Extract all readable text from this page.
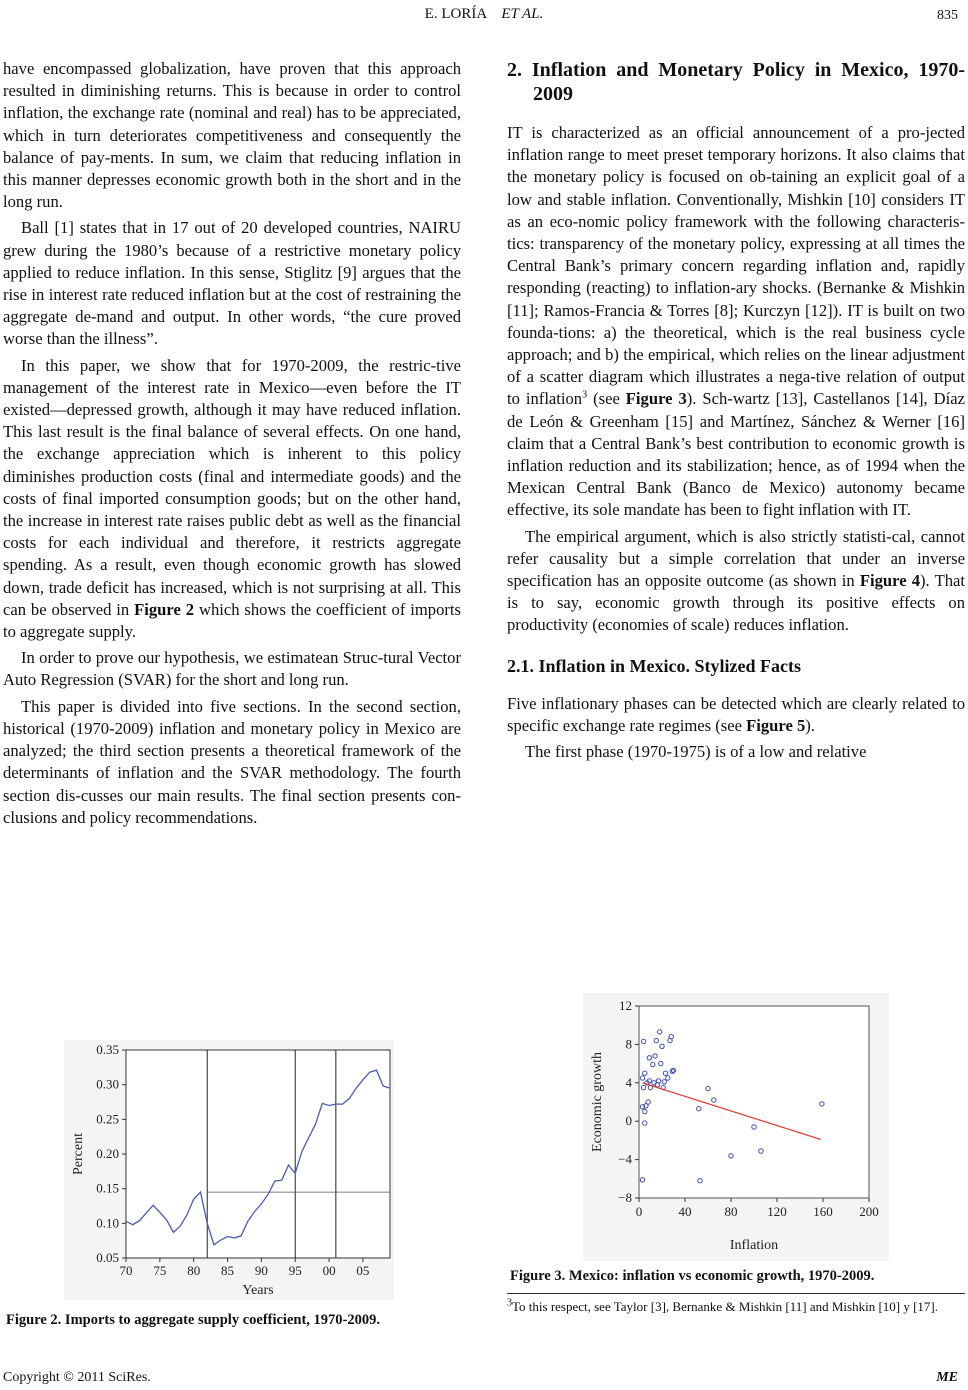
E. LORÍA ET AL.	835

have encompassed globalization, have proven that this approach resulted in diminishing returns. This is because in order to control inflation, the exchange rate (nominal and real) has to be appreciated, which in turn deteriorates competitiveness and consequently the balance of pay-ments. In sum, we claim that reducing inflation in this manner depresses economic growth both in the short and in the long run.

Ball [1] states that in 17 out of 20 developed countries, NAIRU grew during the 1980’s because of a restrictive monetary policy applied to reduce inflation. In this sense, Stiglitz [9] argues that the rise in interest rate reduced inflation but at the cost of restraining the aggregate de-mand and output. In other words, “the cure proved worse than the illness”.

In this paper, we show that for 1970-2009, the restric-tive management of the interest rate in Mexico—even before the IT existed—depressed growth, although it may have reduced inflation. This last result is the final balance of several effects. On one hand, the exchange appreciation which is inherent to this policy diminishes production costs (final and intermediate goods) and the costs of final imported consumption goods; but on the other hand, the increase in interest rate raises public debt as well as the financial costs for each individual and therefore, it restricts aggregate spending. As a result, even though economic growth has slowed down, trade deficit has increased, which is not surprising at all. This can be observed in Figure 2 which shows the coefficient of imports to aggregate supply.

In order to prove our hypothesis, we estimatean Struc-tural Vector Auto Regression (SVAR) for the short and long run.

This paper is divided into five sections. In the second section, historical (1970-2009) inflation and monetary policy in Mexico are analyzed; the third section presents a theoretical framework of the determinants of inflation and the SVAR methodology. The fourth section dis-cusses our main results. The final section presents con-clusions and policy recommendations.

2. Inflation and Monetary Policy in Mexico, 1970-2009

IT is characterized as an official announcement of a pro-jected inflation range to meet preset temporary horizons. It also claims that the monetary policy is focused on ob-taining an explicit goal of a low and stable inflation. Conventionally, Mishkin [10] considers IT as an eco-nomic policy framework with the following characteris-tics: transparency of the monetary policy, expressing at all times the Central Bank’s primary concern regarding inflation and, rapidly responding (reacting) to inflation-ary shocks. (Bernanke & Mishkin [11]; Ramos-Francia & Torres [8]; Kurczyn [12]). IT is built on two founda-tions: a) the theoretical, which is the real business cycle approach; and b) the empirical, which relies on the linear adjustment of a scatter diagram which illustrates a nega-tive relation of output to inflation$^3$ (see Figure 3). Sch-wartz [13], Castellanos [14], Díaz de León & Greenham [15] and Martínez, Sánchez & Werner [16] claim that a Central Bank’s best contribution to economic growth is inflation reduction and its stabilization; hence, as of 1994 when the Mexican Central Bank (Banco de Mexico) autonomy became effective, its sole mandate has been to fight inflation with IT.

The empirical argument, which is also strictly statisti-cal, cannot refer causality but a simple correlation that under an inverse specification has an opposite outcome (as shown in Figure 4). That is to say, economic growth through its positive effects on productivity (economies of scale) reduces inflation.

2.1. Inflation in Mexico. Stylized Facts

Five inflationary phases can be detected which are clearly related to specific exchange rate regimes (see Figure 5).

The first phase (1970-1975) is of a low and relative

−8
−4
0
4
8
12
0	40	80 120 160 200
Inflation
Economic growth
Figure 3. Mexico: inflation vs economic growth, 1970-2009.
0.05
0.10
0.15
0.20
0.25
0.30
0.35
70 75 80 85 90 95 00 05
Years
Percent
Figure 2. Imports to aggregate supply coefficient, 1970-2009.
$^3$To this respect, see Taylor [3], Bernanke & Mishkin [11] and Mishkin [10] y [17].
Copyright © 2011 SciRes.	ME
